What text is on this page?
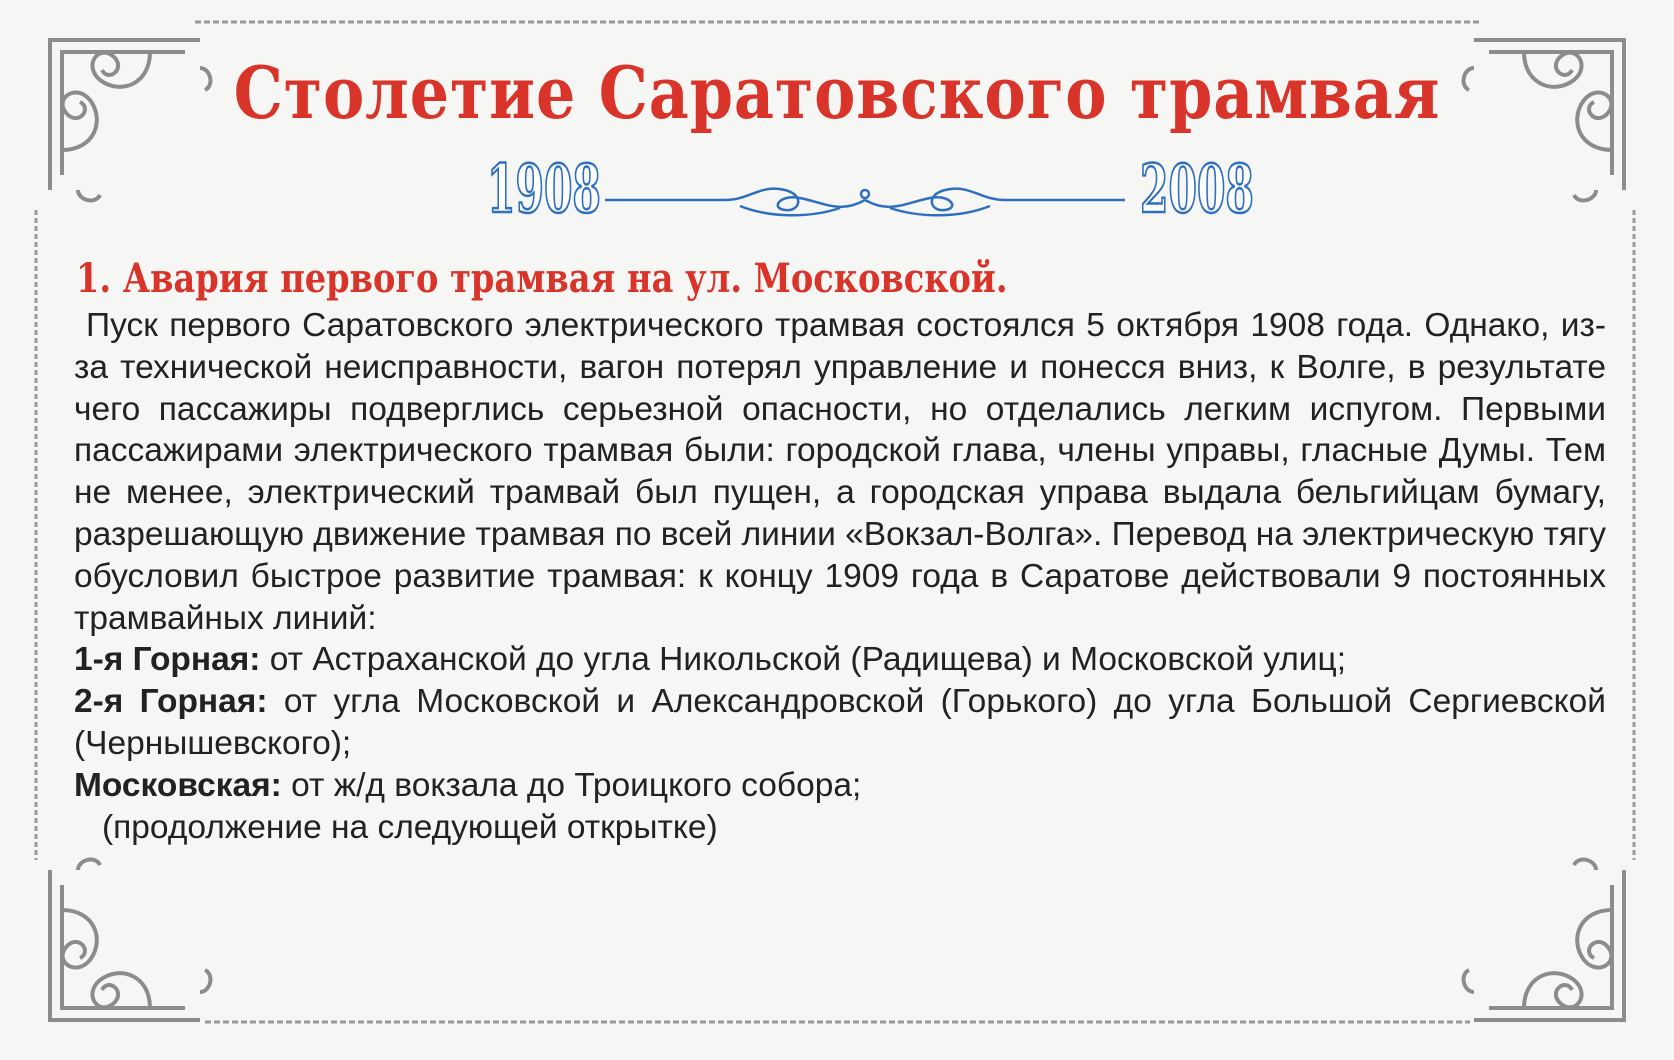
Столетие Саратовского трамвая
1908	2008
1. Авария первого трамвая на ул. Московской.

Пуск первого Саратовского электрического трамвая состоялся 5 октября 1908 года. Однако, из-за технической неисправности, вагон потерял управление и понесся вниз, к Волге, в результате чего пассажиры подверглись серьезной опасности, но отделались легким испугом. Первыми пассажирами электрического трамвая были: городской глава, члены управы, гласные Думы. Тем не менее, электрический трамвай был пущен, а городская управа выдала бельгийцам бумагу, разрешающую движение трамвая по всей линии «Вокзал-Волга». Перевод на электрическую тягу обусловил быстрое развитие трамвая: к концу 1909 года в Саратове действовали 9 постоянных трамвайных линий:

1-я Горная: от Астраханской до угла Никольской (Радищева) и Московской улиц;

2-я Горная: от угла Московской и Александровской (Горького) до угла Большой Сергиевской (Чернышевского);

Московская: от ж/д вокзала до Троицкого собора;

(продолжение на следующей открытке)
